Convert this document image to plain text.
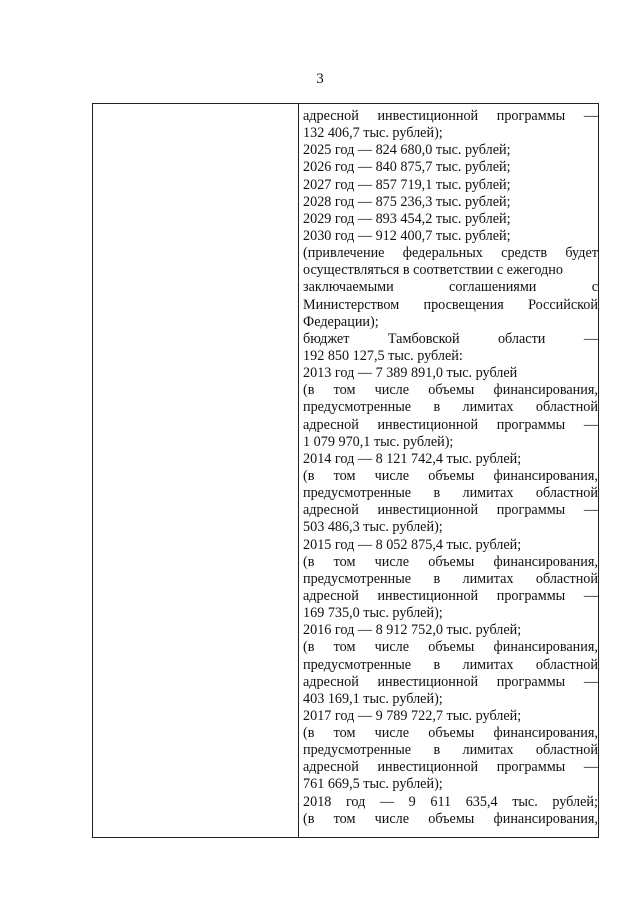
3
адресной инвестиционной программы —
132 406,7 тыс. рублей);
2025 год — 824 680,0 тыс. рублей;
2026 год — 840 875,7 тыс. рублей;
2027 год — 857 719,1 тыс. рублей;
2028 год — 875 236,3 тыс. рублей;
2029 год — 893 454,2 тыс. рублей;
2030 год — 912 400,7 тыс. рублей;
(привлечение федеральных средств будет
осуществляться в соответствии с ежегодно
заключаемыми	соглашениями	с
Министерством просвещения Российской
Федерации);
бюджет	Тамбовской	области	—
192 850 127,5 тыс. рублей:
2013 год — 7 389 891,0 тыс. рублей
(в том числе объемы финансирования,
предусмотренные в лимитах областной
адресной инвестиционной программы —
1 079 970,1 тыс. рублей);
2014 год — 8 121 742,4 тыс. рублей;
(в том числе объемы финансирования,
предусмотренные в лимитах областной
адресной инвестиционной программы —
503 486,3 тыс. рублей);
2015 год — 8 052 875,4 тыс. рублей;
(в том числе объемы финансирования,
предусмотренные в лимитах областной
адресной инвестиционной программы —
169 735,0 тыс. рублей);
2016 год — 8 912 752,0 тыс. рублей;
(в том числе объемы финансирования,
предусмотренные в лимитах областной
адресной инвестиционной программы —
403 169,1 тыс. рублей);
2017 год — 9 789 722,7 тыс. рублей;
(в том числе объемы финансирования,
предусмотренные в лимитах областной
адресной инвестиционной программы —
761 669,5 тыс. рублей);
2018 год — 9 611 635,4 тыс. рублей;
(в том числе объемы финансирования,
